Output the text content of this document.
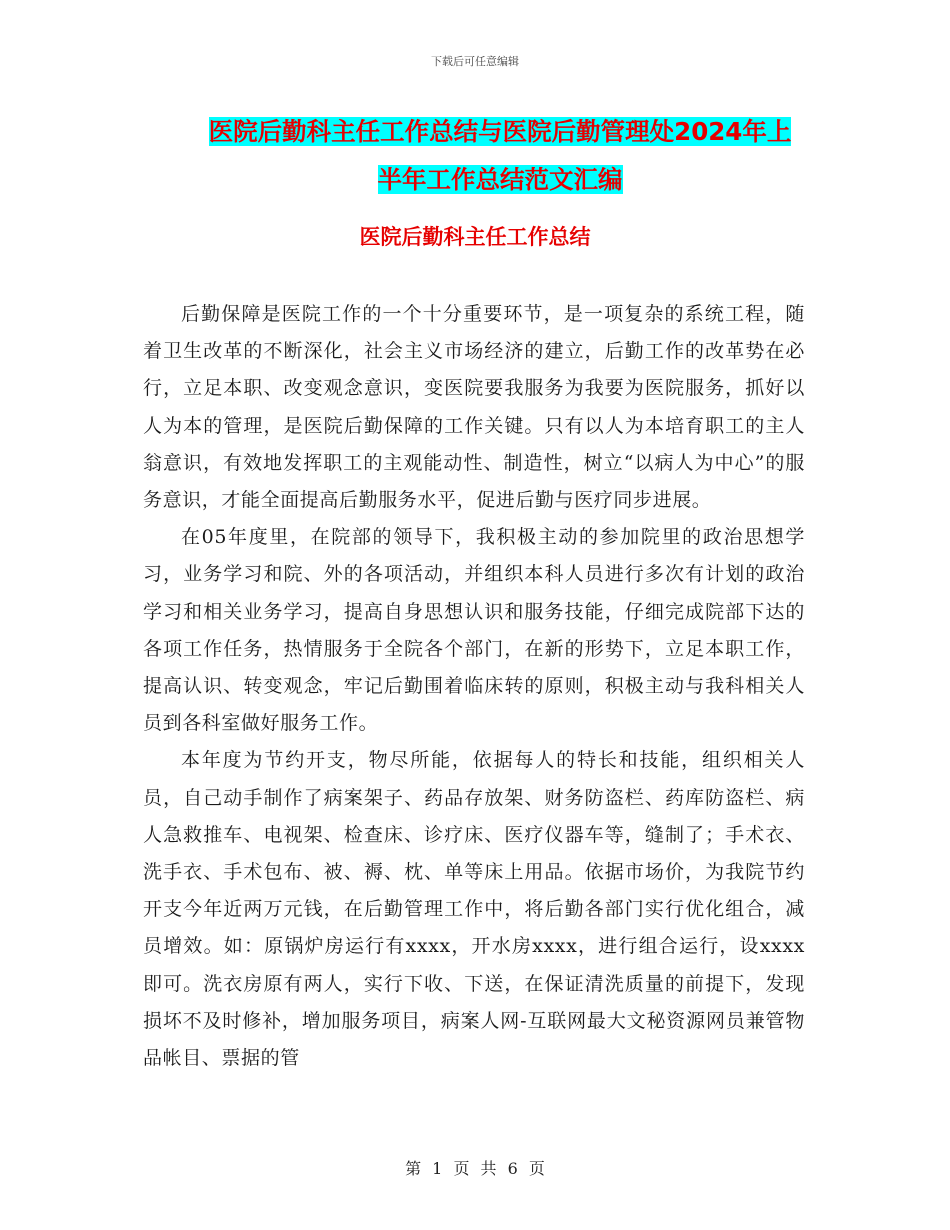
下载后可任意编辑
医院后勤科主任工作总结与医院后勤管理处2024年上
半年工作总结范文汇编
医院后勤科主任工作总结

后勤保障是医院工作的一个十分重要环节，是一项复杂的系统工程，随着卫生改革的不断深化，社会主义市场经济的建立，后勤工作的改革势在必行，立足本职、改变观念意识，变医院要我服务为我要为医院服务，抓好以人为本的管理，是医院后勤保障的工作关键。只有以人为本培育职工的主人翁意识，有效地发挥职工的主观能动性、制造性，树立“以病人为中心”的服务意识，才能全面提高后勤服务水平，促进后勤与医疗同步进展。

在05年度里，在院部的领导下，我积极主动的参加院里的政治思想学习，业务学习和院、外的各项活动，并组织本科人员进行多次有计划的政治学习和相关业务学习，提高自身思想认识和服务技能，仔细完成院部下达的各项工作任务，热情服务于全院各个部门，在新的形势下，立足本职工作，提高认识、转变观念，牢记后勤围着临床转的原则，积极主动与我科相关人员到各科室做好服务工作。

本年度为节约开支，物尽所能，依据每人的特长和技能，组织相关人员，自己动手制作了病案架子、药品存放架、财务防盗栏、药库防盗栏、病人急救推车、电视架、检查床、诊疗床、医疗仪器车等，缝制了；手术衣、洗手衣、手术包布、被、褥、枕、单等床上用品。依据市场价，为我院节约开支今年近两万元钱，在后勤管理工作中，将后勤各部门实行优化组合，减员增效。如：原锅炉房运行有xxxx，开水房xxxx，进行组合运行，设xxxx即可。洗衣房原有两人，实行下收、下送，在保证清洗质量的前提下，发现损坏不及时修补，增加服务项目，病案人网-互联网最大文秘资源网员兼管物品帐目、票据的管

第 1 页 共 6 页
